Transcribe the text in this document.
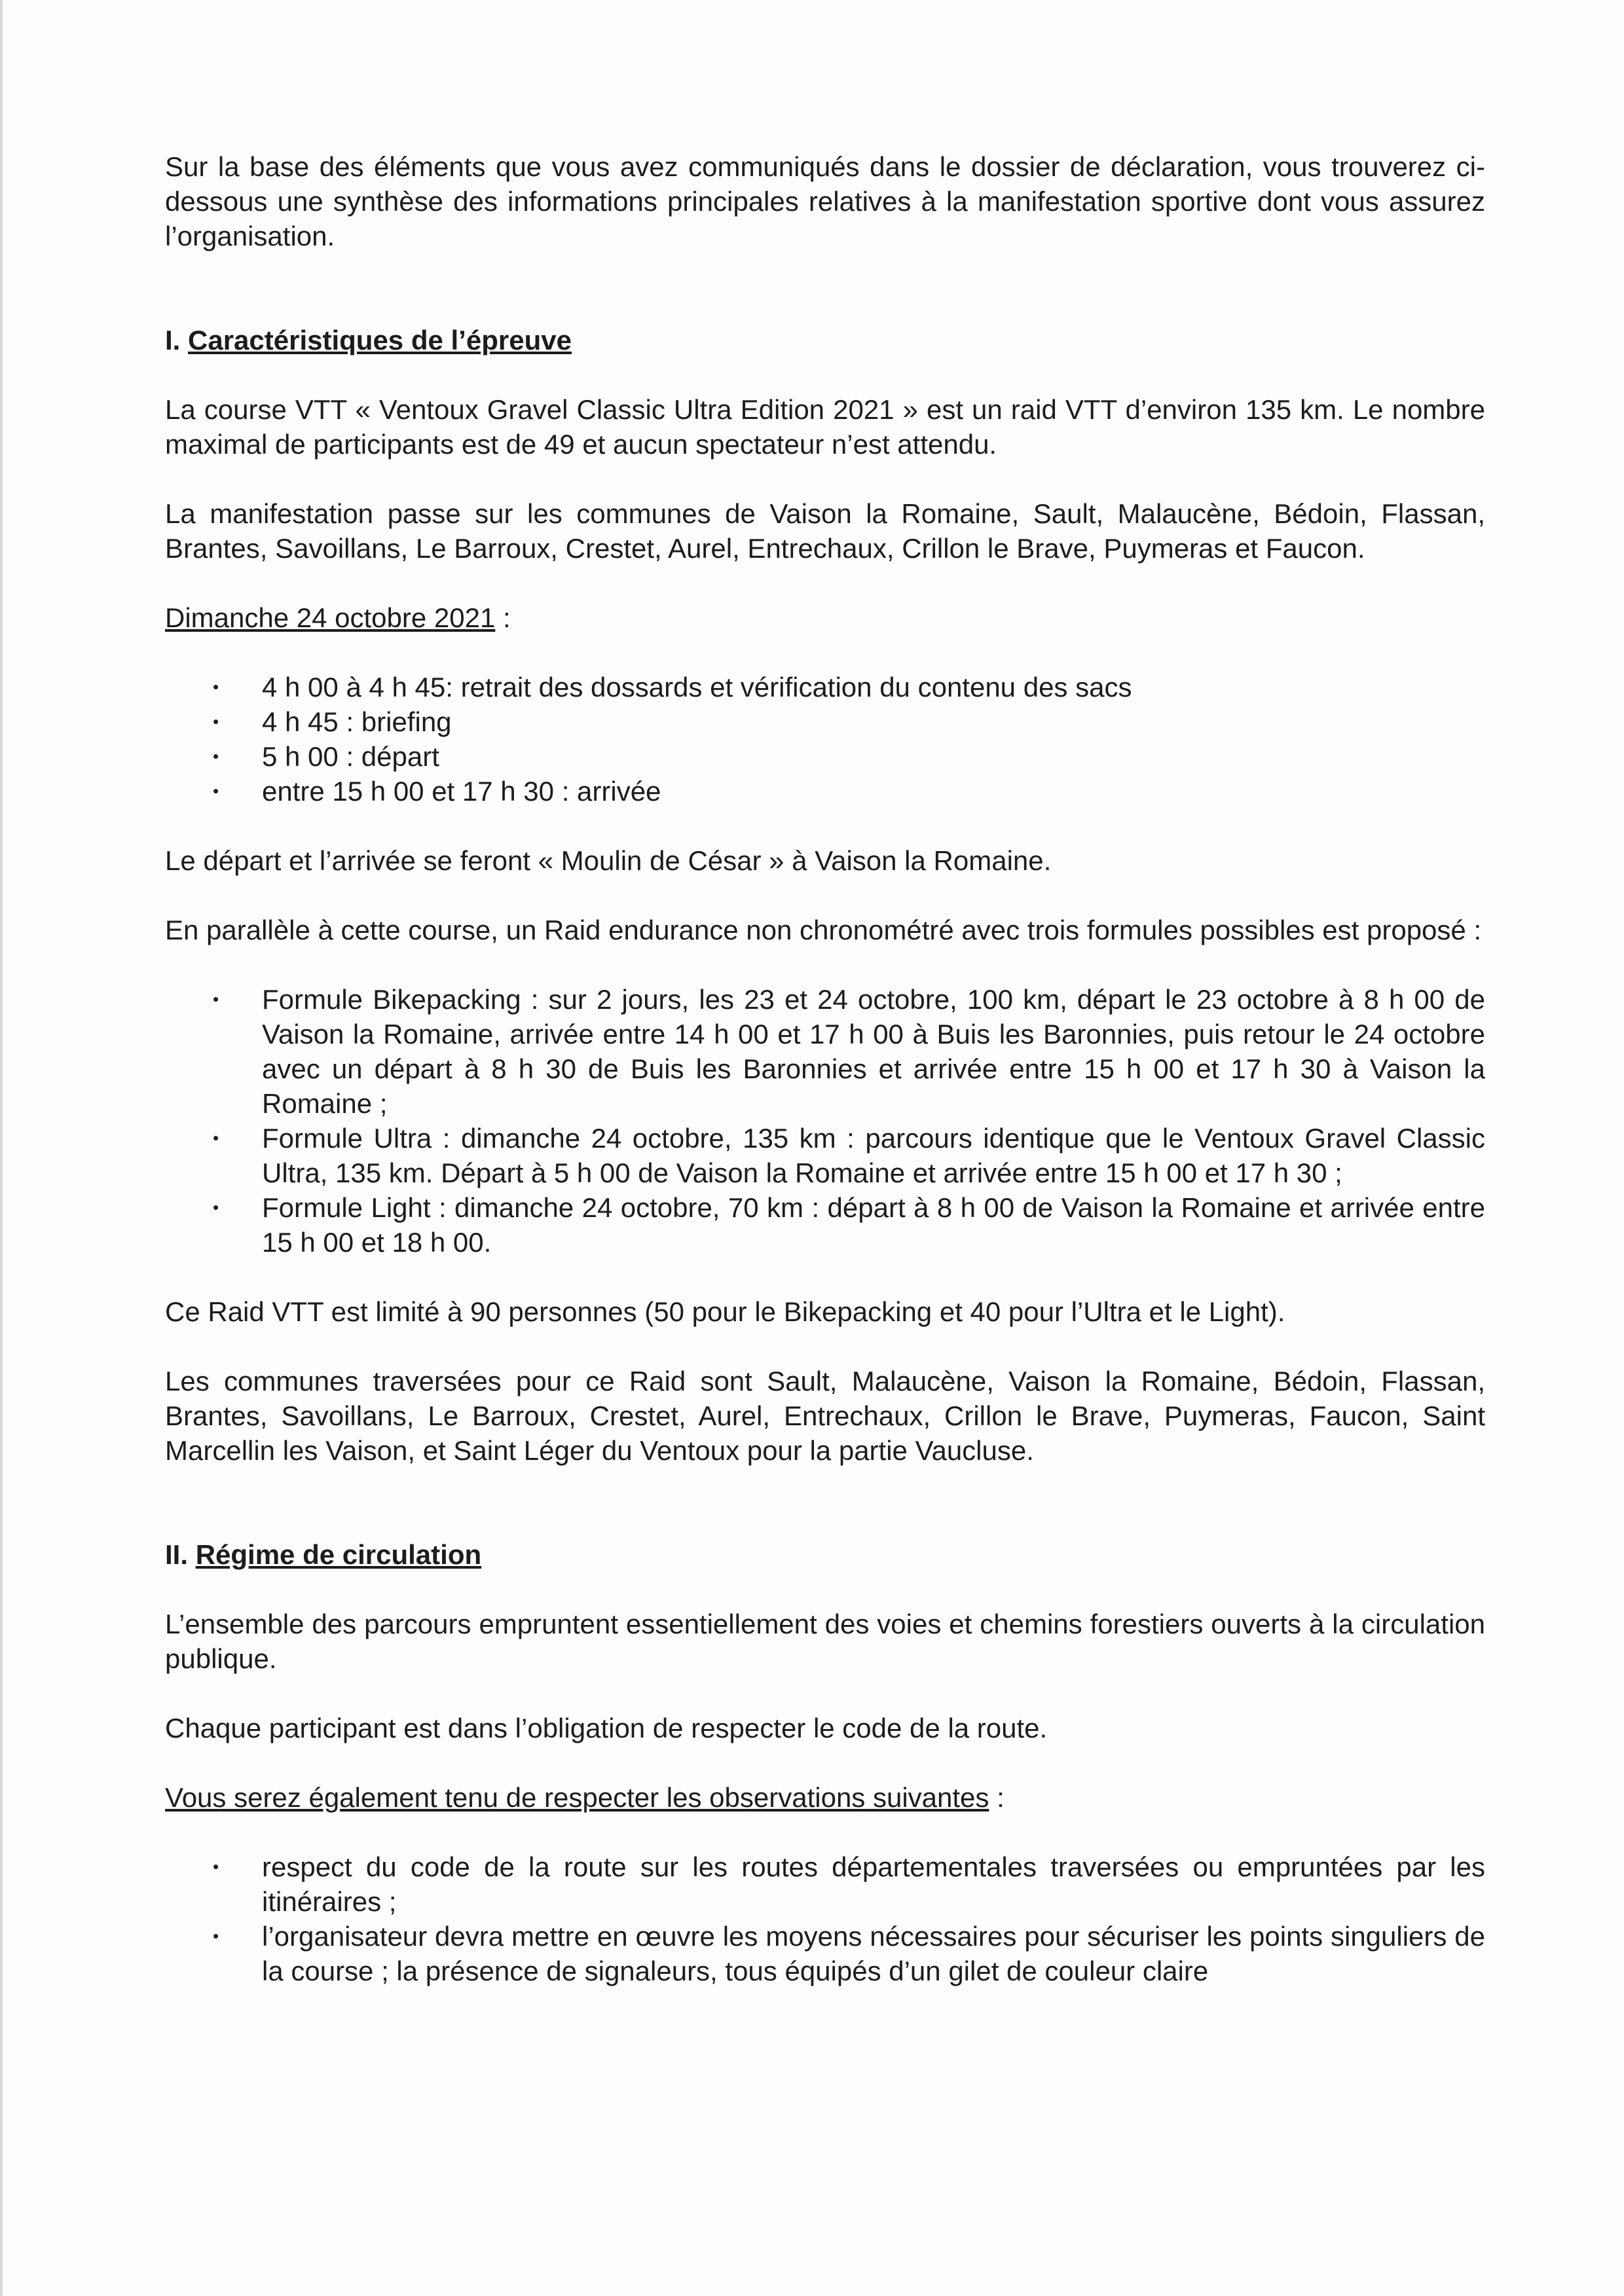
Sur la base des éléments que vous avez communiqués dans le dossier de déclaration, vous trouverez ci-dessous une synthèse des informations principales relatives à la manifestation sportive dont vous assurez l’organisation.

I. Caractéristiques de l’épreuve

La course VTT « Ventoux Gravel Classic Ultra Edition 2021 » est un raid VTT d’environ 135 km. Le nombre maximal de participants est de 49 et aucun spectateur n’est attendu.

La manifestation passe sur les communes de Vaison la Romaine, Sault, Malaucène, Bédoin, Flassan, Brantes, Savoillans, Le Barroux, Crestet, Aurel, Entrechaux, Crillon le Brave, Puymeras et Faucon.

Dimanche 24 octobre 2021 :

• 4 h 00 à 4 h 45: retrait des dossards et vérification du contenu des sacs
• 4 h 45 : briefing
• 5 h 00 : départ
• entre 15 h 00 et 17 h 30 : arrivée

Le départ et l’arrivée se feront « Moulin de César » à Vaison la Romaine.

En parallèle à cette course, un Raid endurance non chronométré avec trois formules possibles est proposé :

• Formule Bikepacking : sur 2 jours, les 23 et 24 octobre, 100 km, départ le 23 octobre à 8 h 00 de Vaison la Romaine, arrivée entre 14 h 00 et 17 h 00 à Buis les Baronnies, puis retour le 24 octobre avec un départ à 8 h 30 de Buis les Baronnies et arrivée entre 15 h 00 et 17 h 30 à Vaison la Romaine ;
• Formule Ultra : dimanche 24 octobre, 135 km : parcours identique que le Ventoux Gravel Classic Ultra, 135 km. Départ à 5 h 00 de Vaison la Romaine et arrivée entre 15 h 00 et 17 h 30 ;
• Formule Light : dimanche 24 octobre, 70 km : départ à 8 h 00 de Vaison la Romaine et arrivée entre 15 h 00 et 18 h 00.

Ce Raid VTT est limité à 90 personnes (50 pour le Bikepacking et 40 pour l’Ultra et le Light).

Les communes traversées pour ce Raid sont Sault, Malaucène, Vaison la Romaine, Bédoin, Flassan, Brantes, Savoillans, Le Barroux, Crestet, Aurel, Entrechaux, Crillon le Brave, Puymeras, Faucon, Saint Marcellin les Vaison, et Saint Léger du Ventoux pour la partie Vaucluse.

II. Régime de circulation

L’ensemble des parcours empruntent essentiellement des voies et chemins forestiers ouverts à la circulation publique.

Chaque participant est dans l’obligation de respecter le code de la route.

Vous serez également tenu de respecter les observations suivantes :

• respect du code de la route sur les routes départementales traversées ou empruntées par les itinéraires ;
• l’organisateur devra mettre en œuvre les moyens nécessaires pour sécuriser les points singuliers de la course ; la présence de signaleurs, tous équipés d’un gilet de couleur claire
